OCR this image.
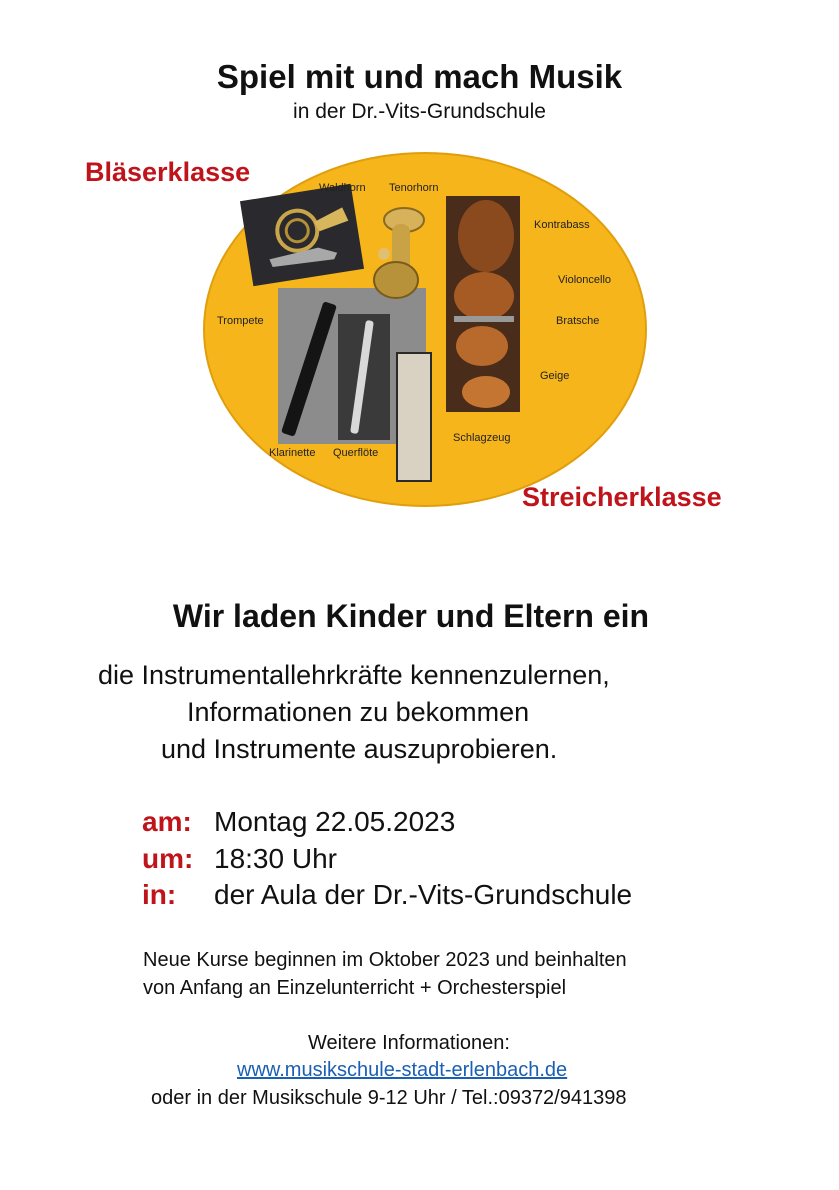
Spiel mit und mach Musik
in der Dr.-Vits-Grundschule
Bläserklasse
Waldhorn Tenorhorn
Trompete
Klarinette Querflöte
Kontrabass
Violoncello
Bratsche
Geige
Schlagzeug
Streicherklasse
Wir laden Kinder und Eltern ein
die Instrumentallehrkräfte kennenzulernen,
Informationen zu bekommen
und Instrumente auszuprobieren.
am: Montag 22.05.2023
um: 18:30 Uhr
in: der Aula der Dr.-Vits-Grundschule
Neue Kurse beginnen im Oktober 2023 und beinhalten
von Anfang an Einzelunterricht + Orchesterspiel
Weitere Informationen:
www.musikschule-stadt-erlenbach.de
oder in der Musikschule 9-12 Uhr / Tel.:09372/941398
